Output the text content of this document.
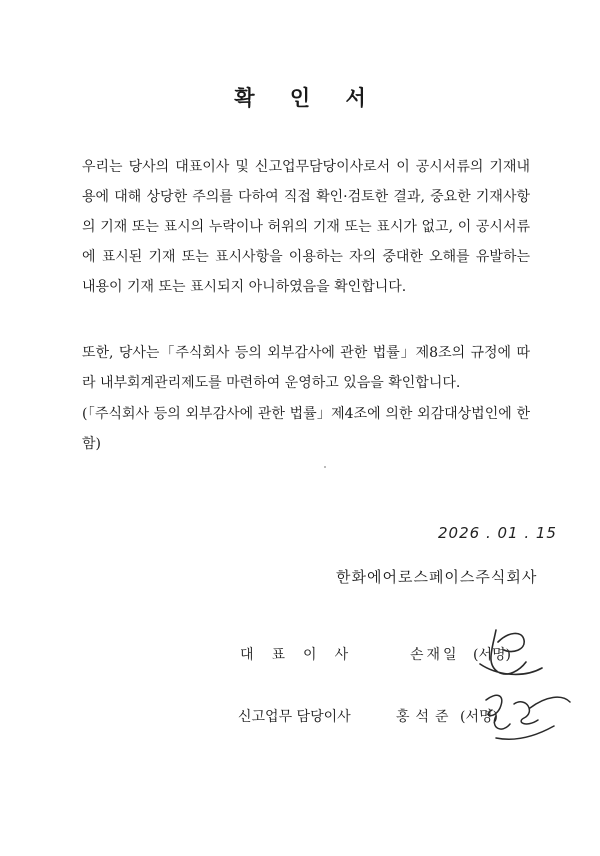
확 인 서

우리는 당사의 대표이사 및 신고업무담당이사로서 이 공시서류의 기재내용에 대해 상당한 주의를 다하여 직접 확인·검토한 결과, 중요한 기재사항의 기재 또는 표시의 누락이나 허위의 기재 또는 표시가 없고, 이 공시서류에 표시된 기재 또는 표시사항을 이용하는 자의 중대한 오해를 유발하는 내용이 기재 또는 표시되지 아니하였음을 확인합니다.

또한, 당사는「주식회사 등의 외부감사에 관한 법률」제8조의 규정에 따라 내부회계관리제도를 마련하여 운영하고 있음을 확인합니다.

(「주식회사 등의 외부감사에 관한 법률」제4조에 의한 외감대상법인에 한함)

2026 . 01 . 15
한화에어로스페이스주식회사
대표이사	손재일 (서명)
신고업무 담당이사	홍석준 (서명)
